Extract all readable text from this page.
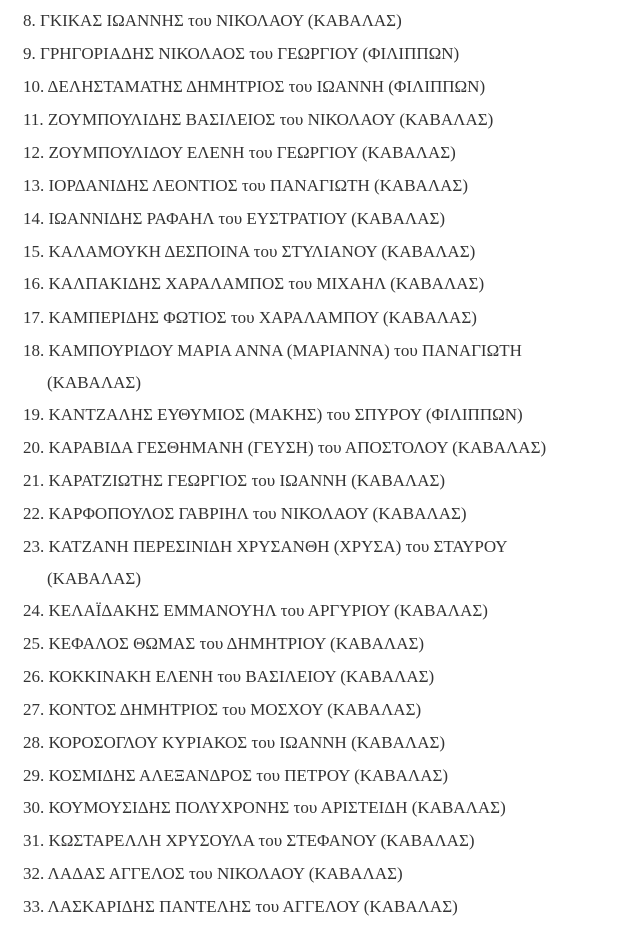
8. ΓΚΙΚΑΣ ΙΩΑΝΝΗΣ του ΝΙΚΟΛΑΟΥ (ΚΑΒΑΛΑΣ)
9. ΓΡΗΓΟΡΙΑΔΗΣ ΝΙΚΟΛΑΟΣ του ΓΕΩΡΓΙΟΥ (ΦΙΛΙΠΠΩΝ)
10. ΔΕΛΗΣΤΑΜΑΤΗΣ ΔΗΜΗΤΡΙΟΣ του ΙΩΑΝΝΗ (ΦΙΛΙΠΠΩΝ)
11. ΖΟΥΜΠΟΥΛΙΔΗΣ ΒΑΣΙΛΕΙΟΣ του ΝΙΚΟΛΑΟΥ (ΚΑΒΑΛΑΣ)
12. ΖΟΥΜΠΟΥΛΙΔΟΥ ΕΛΕΝΗ του ΓΕΩΡΓΙΟΥ (ΚΑΒΑΛΑΣ)
13. ΙΟΡΔΑΝΙΔΗΣ ΛΕΟΝΤΙΟΣ του ΠΑΝΑΓΙΩΤΗ (ΚΑΒΑΛΑΣ)
14. ΙΩΑΝΝΙΔΗΣ ΡΑΦΑΗΛ του ΕΥΣΤΡΑΤΙΟΥ (ΚΑΒΑΛΑΣ)
15. ΚΑΛΑΜΟΥΚΗ ΔΕΣΠΟΙΝΑ του ΣΤΥΛΙΑΝΟΥ (ΚΑΒΑΛΑΣ)
16. ΚΑΛΠΑΚΙΔΗΣ ΧΑΡΑΛΑΜΠΟΣ του ΜΙΧΑΗΛ (ΚΑΒΑΛΑΣ)
17. ΚΑΜΠΕΡΙΔΗΣ ΦΩΤΙΟΣ του ΧΑΡΑΛΑΜΠΟΥ (ΚΑΒΑΛΑΣ)
18. ΚΑΜΠΟΥΡΙΔΟΥ ΜΑΡΙΑ ΑΝΝΑ (ΜΑΡΙΑΝΝΑ) του ΠΑΝΑΓΙΩΤΗ
(ΚΑΒΑΛΑΣ)
19. ΚΑΝΤΖΑΛΗΣ ΕΥΘΥΜΙΟΣ (ΜΑΚΗΣ) του ΣΠΥΡΟΥ (ΦΙΛΙΠΠΩΝ)
20. ΚΑΡΑΒΙΔΑ ΓΕΣΘΗΜΑΝΗ (ΓΕΥΣΗ) του ΑΠΟΣΤΟΛΟΥ (ΚΑΒΑΛΑΣ)
21. ΚΑΡΑΤΖΙΩΤΗΣ ΓΕΩΡΓΙΟΣ του ΙΩΑΝΝΗ (ΚΑΒΑΛΑΣ)
22. ΚΑΡΦΟΠΟΥΛΟΣ ΓΑΒΡΙΗΛ του ΝΙΚΟΛΑΟΥ (ΚΑΒΑΛΑΣ)
23. ΚΑΤΖΑΝΗ ΠΕΡΕΣΙΝΙΔΗ ΧΡΥΣΑΝΘΗ (ΧΡΥΣΑ) του ΣΤΑΥΡΟΥ
(ΚΑΒΑΛΑΣ)
24. ΚΕΛΑΪΔΑΚΗΣ ΕΜΜΑΝΟΥΗΛ του ΑΡΓΥΡΙΟΥ (ΚΑΒΑΛΑΣ)
25. ΚΕΦΑΛΟΣ ΘΩΜΑΣ του ΔΗΜΗΤΡΙΟΥ (ΚΑΒΑΛΑΣ)
26. ΚΟΚΚΙΝΑΚΗ ΕΛΕΝΗ του ΒΑΣΙΛΕΙΟΥ (ΚΑΒΑΛΑΣ)
27. ΚΟΝΤΟΣ ΔΗΜΗΤΡΙΟΣ του ΜΟΣΧΟΥ (ΚΑΒΑΛΑΣ)
28. ΚΟΡΟΣΟΓΛΟΥ ΚΥΡΙΑΚΟΣ του ΙΩΑΝΝΗ (ΚΑΒΑΛΑΣ)
29. ΚΟΣΜΙΔΗΣ ΑΛΕΞΑΝΔΡΟΣ του ΠΕΤΡΟΥ (ΚΑΒΑΛΑΣ)
30. ΚΟΥΜΟΥΣΙΔΗΣ ΠΟΛΥΧΡΟΝΗΣ του ΑΡΙΣΤΕΙΔΗ (ΚΑΒΑΛΑΣ)
31. ΚΩΣΤΑΡΕΛΛΗ ΧΡΥΣΟΥΛΑ του ΣΤΕΦΑΝΟΥ (ΚΑΒΑΛΑΣ)
32. ΛΑΔΑΣ ΑΓΓΕΛΟΣ του ΝΙΚΟΛΑΟΥ (ΚΑΒΑΛΑΣ)
33. ΛΑΣΚΑΡΙΔΗΣ ΠΑΝΤΕΛΗΣ του ΑΓΓΕΛΟΥ (ΚΑΒΑΛΑΣ)
